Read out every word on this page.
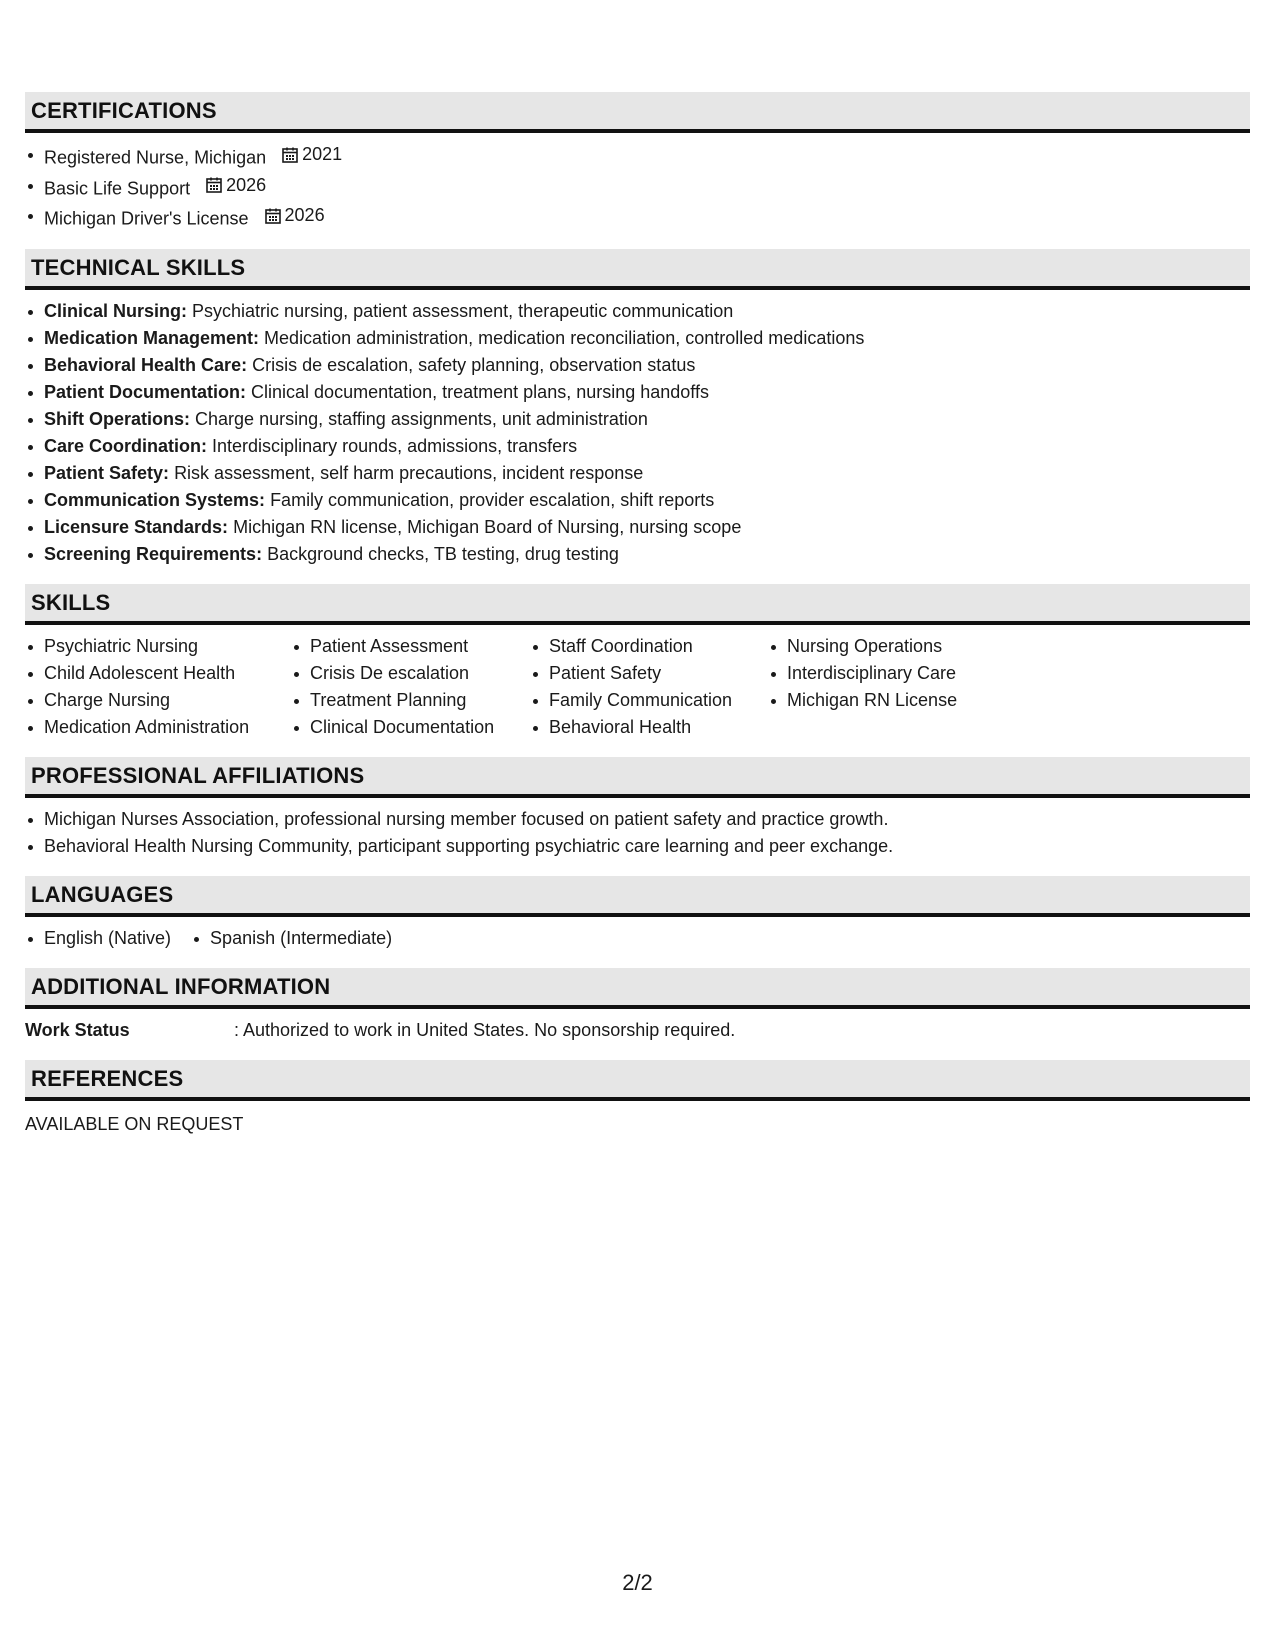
CERTIFICATIONS
Registered Nurse, Michigan 2021
Basic Life Support 2026
Michigan Driver's License 2026
TECHNICAL SKILLS
Clinical Nursing: Psychiatric nursing, patient assessment, therapeutic communication
Medication Management: Medication administration, medication reconciliation, controlled medications
Behavioral Health Care: Crisis de escalation, safety planning, observation status
Patient Documentation: Clinical documentation, treatment plans, nursing handoffs
Shift Operations: Charge nursing, staffing assignments, unit administration
Care Coordination: Interdisciplinary rounds, admissions, transfers
Patient Safety: Risk assessment, self harm precautions, incident response
Communication Systems: Family communication, provider escalation, shift reports
Licensure Standards: Michigan RN license, Michigan Board of Nursing, nursing scope
Screening Requirements: Background checks, TB testing, drug testing
SKILLS
Psychiatric Nursing
Child Adolescent Health
Charge Nursing
Medication Administration
Patient Assessment
Crisis De escalation
Treatment Planning
Clinical Documentation
Staff Coordination
Patient Safety
Family Communication
Behavioral Health
Nursing Operations
Interdisciplinary Care
Michigan RN License
PROFESSIONAL AFFILIATIONS
Michigan Nurses Association, professional nursing member focused on patient safety and practice growth.
Behavioral Health Nursing Community, participant supporting psychiatric care learning and peer exchange.
LANGUAGES
English (Native)	Spanish (Intermediate)
ADDITIONAL INFORMATION
Work Status	: Authorized to work in United States. No sponsorship required.
REFERENCES
AVAILABLE ON REQUEST
2/2
